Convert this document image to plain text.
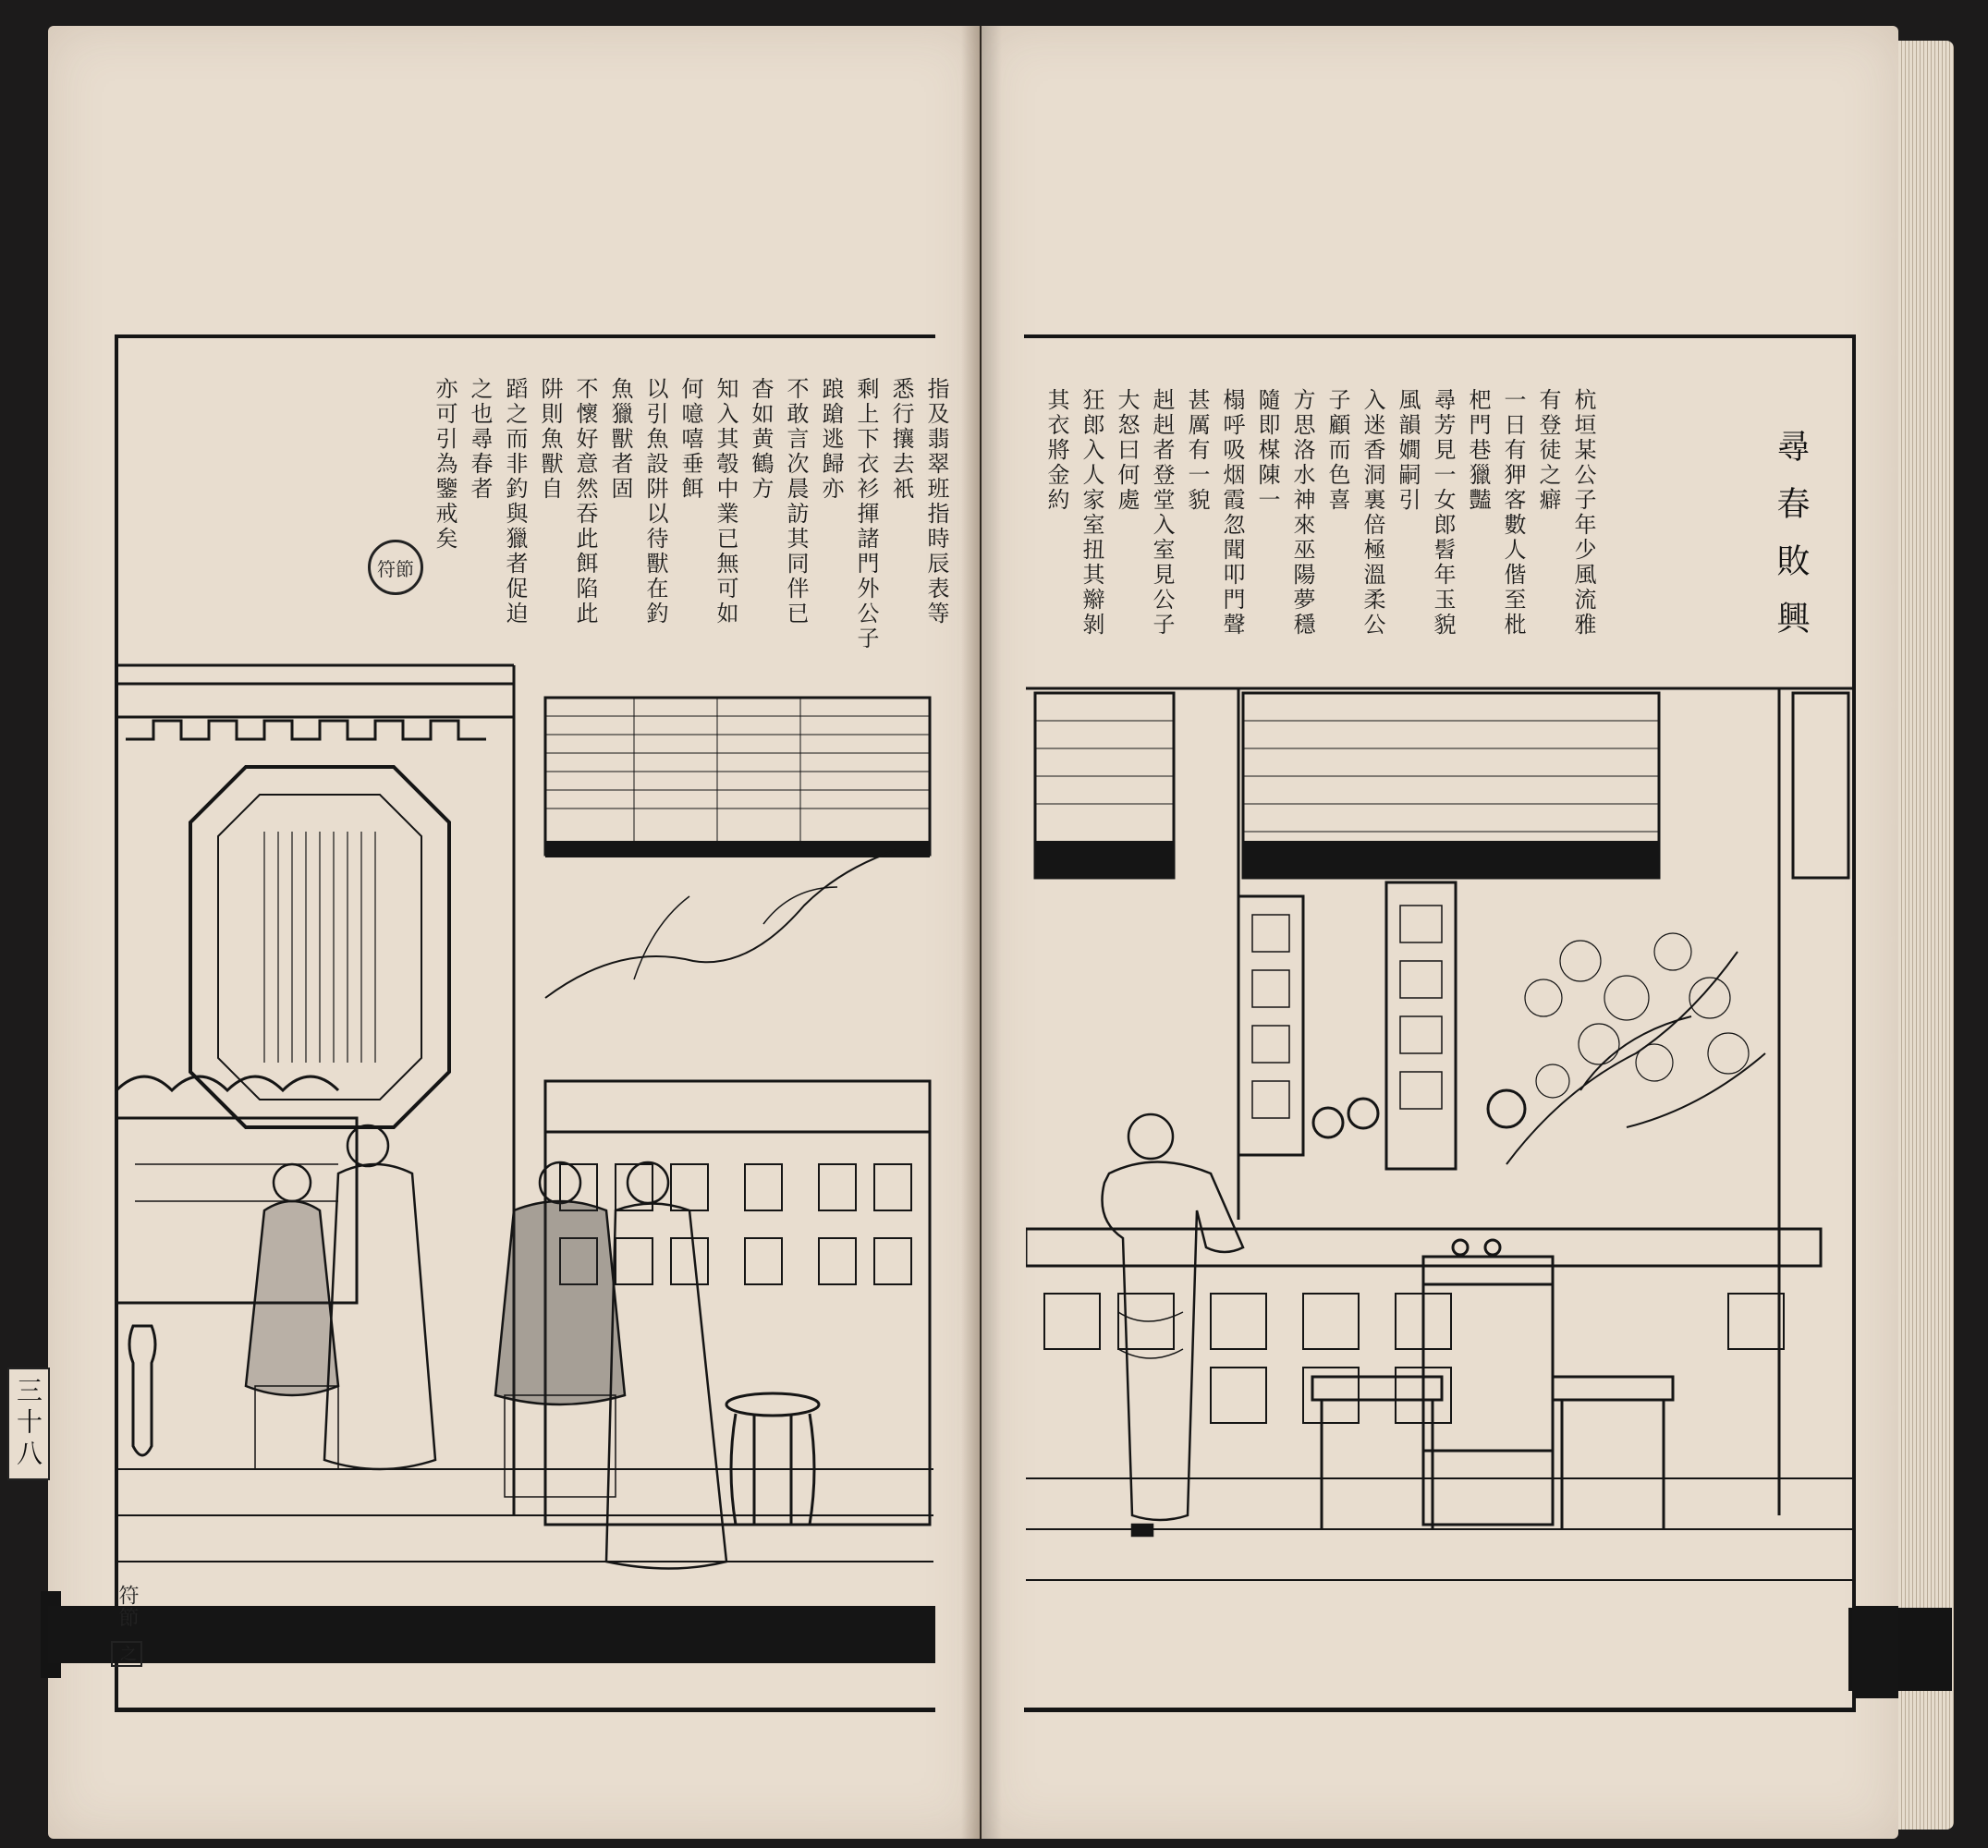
指及翡翠班指時辰表等
悉行攘去衹
剩上下衣衫揮諸門外公子
踉蹌逃歸亦
不敢言次晨訪其同伴已
杳如黄鶴方
知入其彀中業已無可如
何噫嘻垂餌
以引魚設阱以待獸在釣
魚獵獸者固
不懷好意然吞此餌陷此
阱則魚獸自
蹈之而非釣與獵者促迫
之也尋春者
亦可引為鑒戒矣
符節
三十八
符節 之
尋春敗興
杭垣某公子年少風流雅
有登徒之癖
一日有狎客數人偕至枇
杷門巷獵豔
尋芳見一女郎髫年玉貌
風韻嫺嗣引
入迷香洞裏倍極溫柔公
子顧而色喜
方思洛水神來巫陽夢穩
隨即楳陳一
榻呼吸烟霞忽聞叩門聲
甚厲有一貌
赳赳者登堂入室見公子
大怒曰何處
狂郎入人家室扭其辮剝
其衣將金約
